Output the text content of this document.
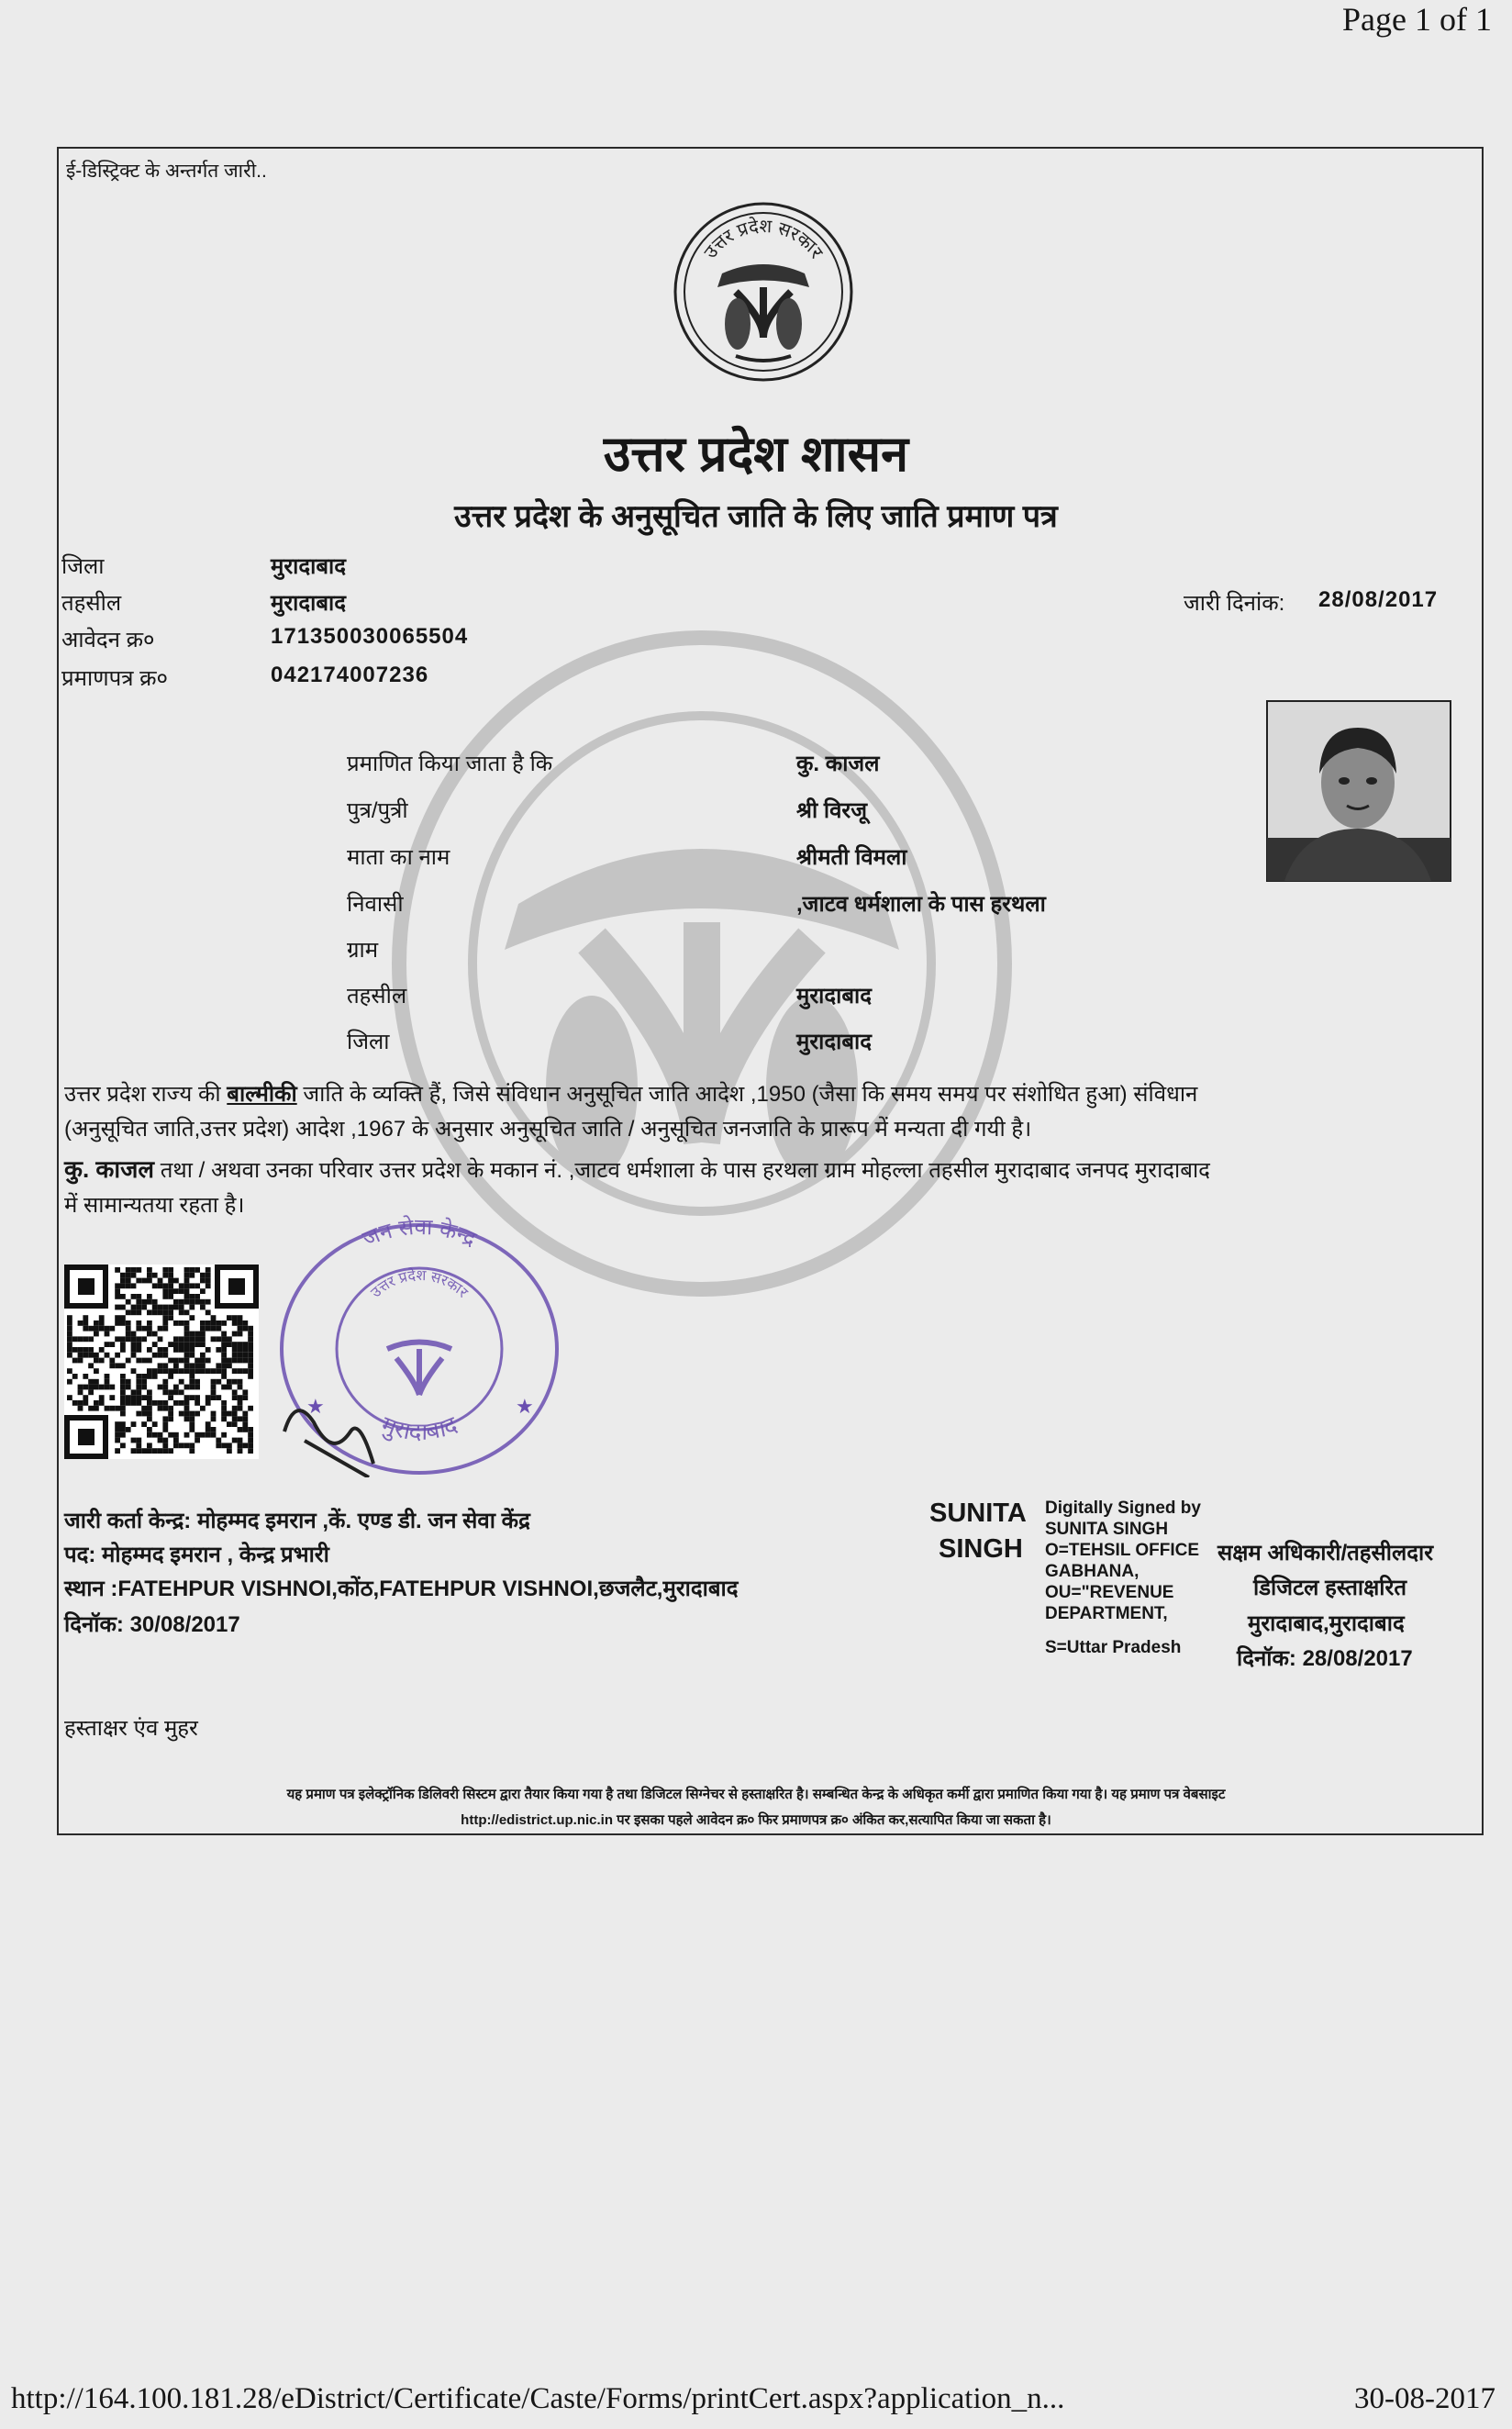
Page 1 of 1
ई-डिस्ट्रिक्ट के अन्तर्गत जारी..
उत्तर प्रदेश सरकार
उत्तर प्रदेश शासन
उत्तर प्रदेश के अनुसूचित जाति के लिए जाति प्रमाण पत्र
जिला	मुरादाबाद
तहसील	मुरादाबाद
आवेदन क्र०	171350030065504
प्रमाणपत्र क्र०	042174007236
जारी दिनांक: 28/08/2017
प्रमाणित किया जाता है कि	कु. काजल
पुत्र/पुत्री	श्री विरजू
माता का नाम	श्रीमती विमला
निवासी	,जाटव धर्मशाला के पास हरथला
ग्राम
तहसील	मुरादाबाद
जिला	मुरादाबाद
उत्तर प्रदेश राज्य की बाल्मीकी जाति के व्यक्ति हैं, जिसे संविधान अनुसूचित जाति आदेश ,1950 (जैसा कि समय समय पर संशोधित हुआ) संविधान
(अनुसूचित जाति,उत्तर प्रदेश) आदेश ,1967 के अनुसार अनुसूचित जाति / अनुसूचित जनजाति के प्रारूप में मन्यता दी गयी है।
कु. काजल तथा / अथवा उनका परिवार उत्तर प्रदेश के मकान नं. ,जाटव धर्मशाला के पास हरथला ग्राम मोहल्ला तहसील मुरादाबाद जनपद मुरादाबाद
में सामान्यतया रहता है।
जन सेवा केन्द्र
मुरादाबाद
उत्तर प्रदेश सरकार
★	★
जारी कर्ता केन्द्र: मोहम्मद इमरान ,कें. एण्ड डी. जन सेवा केंद्र
पद: मोहम्मद इमरान , केन्द्र प्रभारी
स्थान :FATEHPUR VISHNOI,कोंठ,FATEHPUR VISHNOI,छजलैट,मुरादाबाद
दिनॉक: 30/08/2017
SUNITA
SINGH
Digitally Signed by
SUNITA SINGH
O=TEHSIL OFFICE
GABHANA,
OU="REVENUE
DEPARTMENT,
S=Uttar Pradesh
सक्षम अधिकारी/तहसीलदार
डिजिटल हस्ताक्षरित
मुरादाबाद,मुरादाबाद
दिनॉक: 28/08/2017
हस्ताक्षर एंव मुहर
यह प्रमाण पत्र इलेक्ट्रॉनिक डिलिवरी सिस्टम द्वारा तैयार किया गया है तथा डिजिटल सिग्नेचर से हस्ताक्षरित है। सम्बन्धित केन्द्र के अधिकृत कर्मी द्वारा प्रमाणित किया गया है। यह प्रमाण पत्र वेबसाइट
http://edistrict.up.nic.in पर इसका पहले आवेदन क्र० फिर प्रमाणपत्र क्र० अंकित कर,सत्यापित किया जा सकता है।
http://164.100.181.28/eDistrict/Certificate/Caste/Forms/printCert.aspx?application_n...	30-08-2017
